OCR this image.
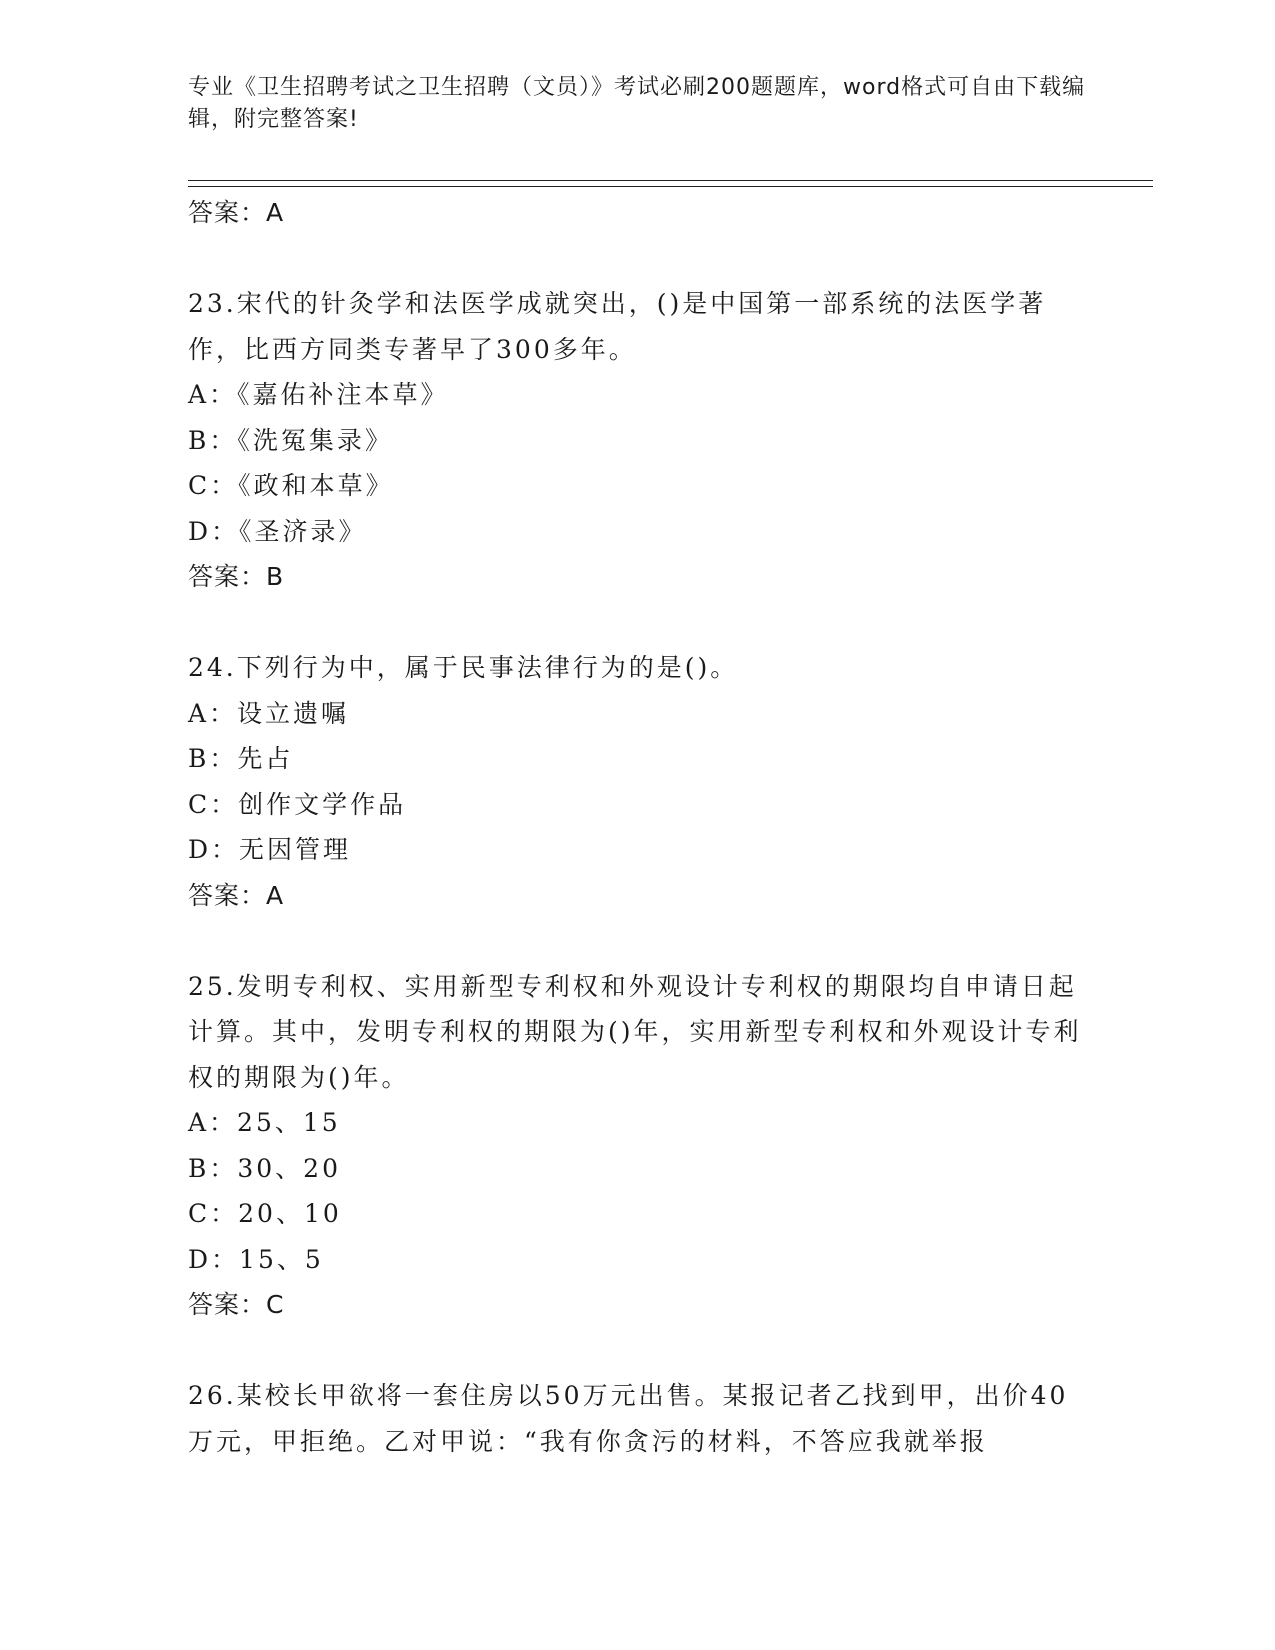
专业《卫生招聘考试之卫生招聘（文员）》考试必刷200题题库，word格式可自由下载编辑，附完整答案!
答案：A
23.宋代的针灸学和法医学成就突出，()是中国第一部系统的法医学著作，比西方同类专著早了300多年。
A：《嘉佑补注本草》
B：《洗冤集录》
C：《政和本草》
D：《圣济录》
答案：B
24.下列行为中，属于民事法律行为的是()。
A：设立遗嘱
B：先占
C：创作文学作品
D：无因管理
答案：A
25.发明专利权、实用新型专利权和外观设计专利权的期限均自申请日起计算。其中，发明专利权的期限为()年，实用新型专利权和外观设计专利权的期限为()年。
A：25、15
B：30、20
C：20、10
D：15、5
答案：C
26.某校长甲欲将一套住房以50万元出售。某报记者乙找到甲，出价40万元，甲拒绝。乙对甲说：“我有你贪污的材料，不答应我就举报
